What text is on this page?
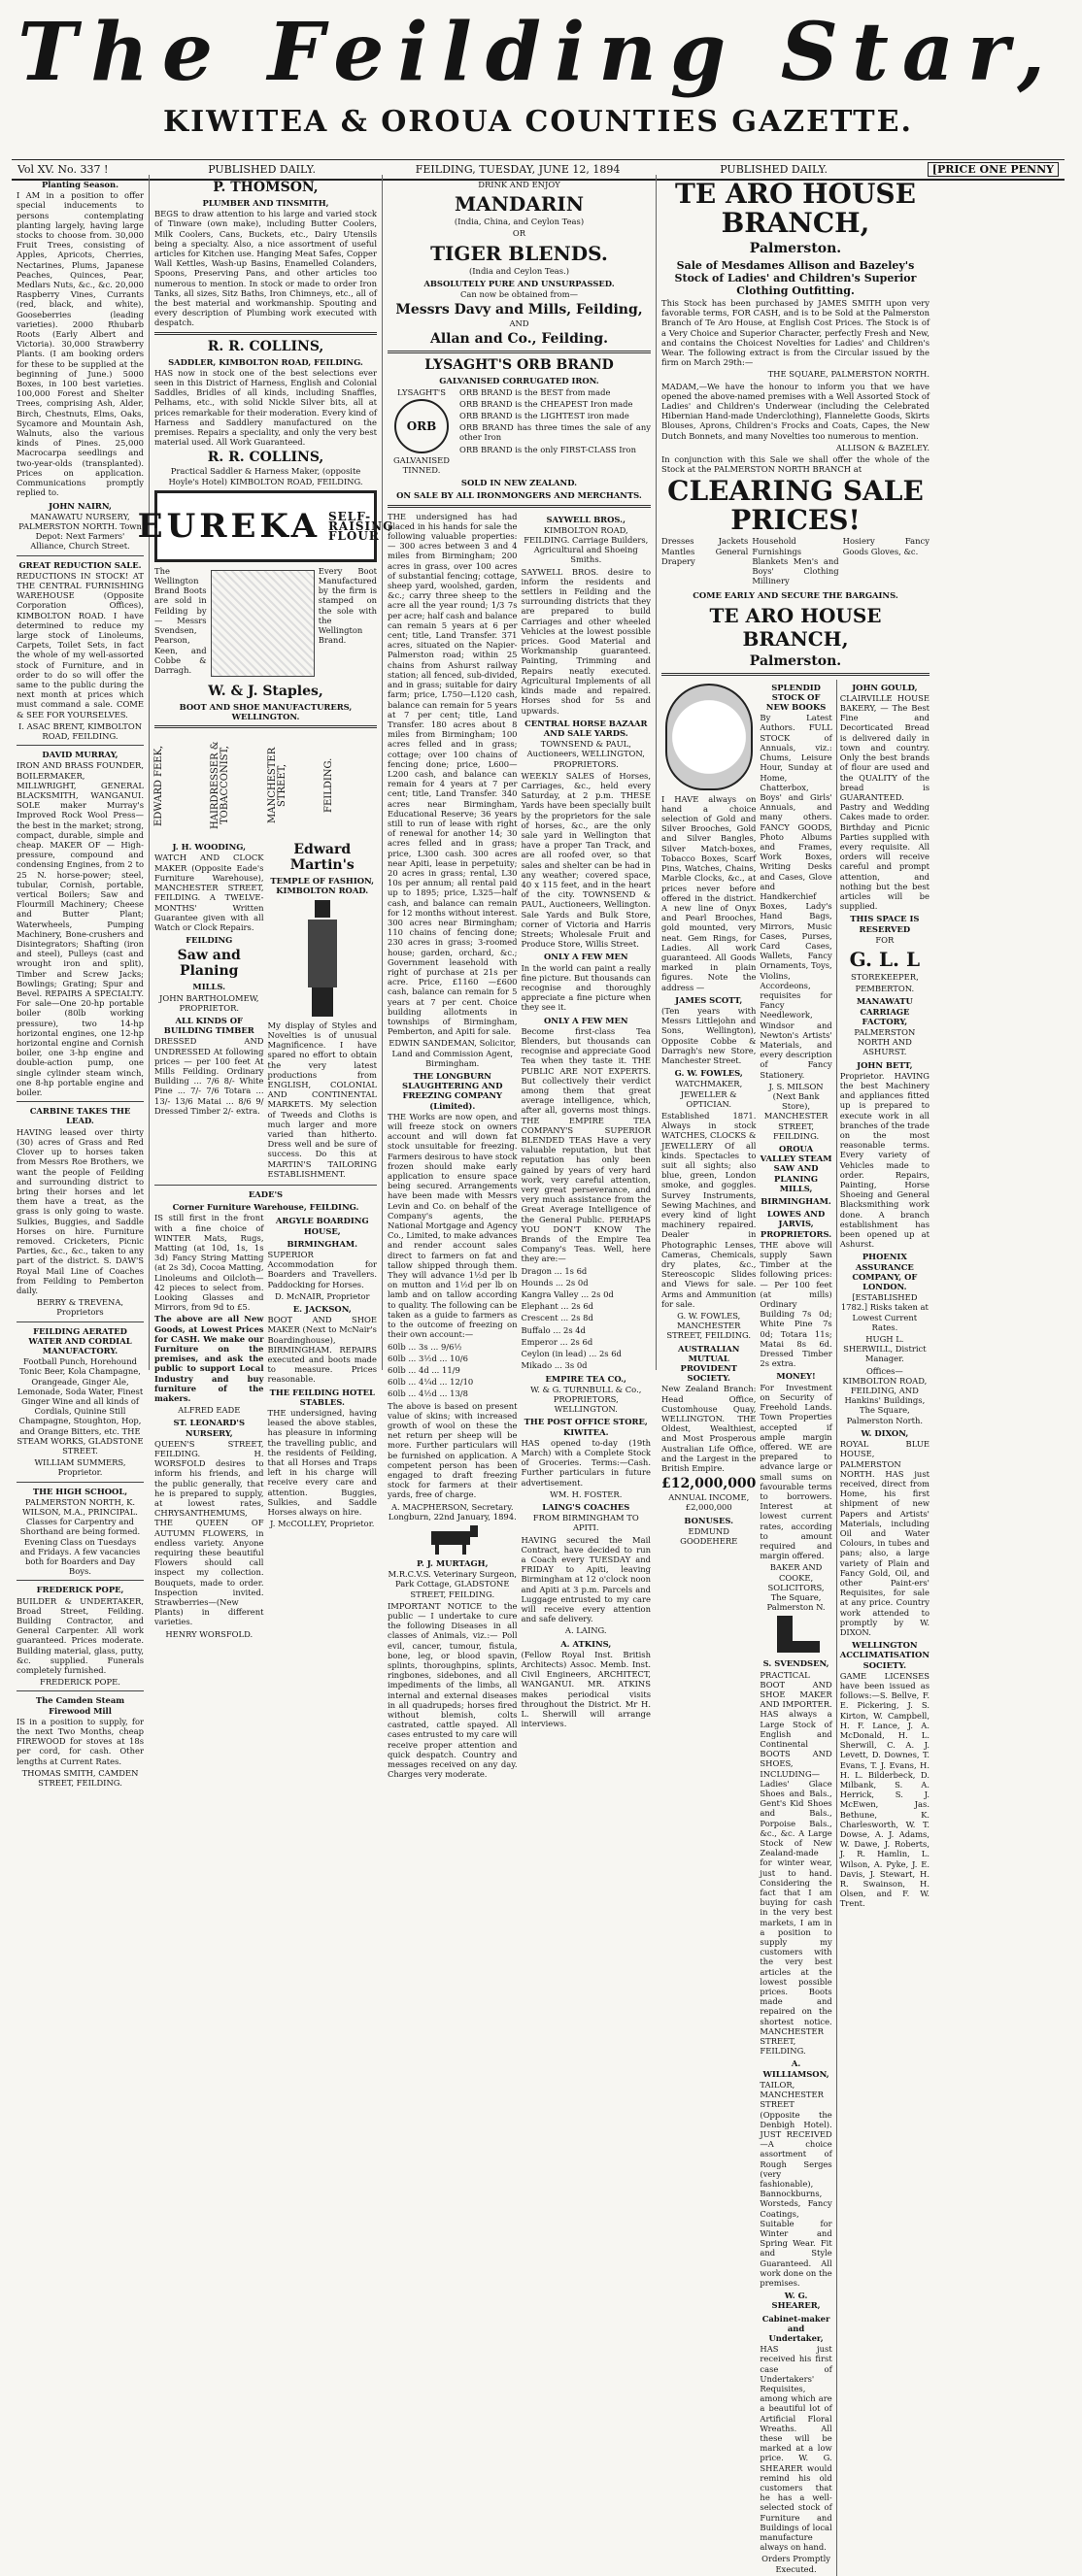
The Feilding Star,
KIWITEA & OROUA COUNTIES GAZETTE.
Vol XV. No. 337 !	PUBLISHED DAILY.	FEILDING, TUESDAY, JUNE 12, 1894	PUBLISHED DAILY.	[PRICE ONE PENNY
Planting Season.

I AM in a position to offer special inducements to persons contemplating planting largely, having large stocks to choose from. 30,000 Fruit Trees, consisting of Apples, Apricots, Cherries, Nectarines, Plums, Japanese Peaches, Quinces, Pear, Medlars Nuts, &c., &c. 20,000 Raspberry Vines, Currants (red, black, and white), Gooseberries (leading varieties). 2000 Rhubarb Roots (Early Albert and Victoria). 30,000 Strawberry Plants. (I am booking orders for these to be supplied at the beginning of June.) 5000 Boxes, in 100 best varieties. 100,000 Forest and Shelter Trees, comprising Ash, Alder, Birch, Chestnuts, Elms, Oaks, Sycamore and Mountain Ash, Walnuts, also the various kinds of Pines. 25,000 Macrocarpa seedlings and two-year-olds (transplanted). Prices on application. Communications promptly replied to.

JOHN NAIRN,

MANAWATU NURSERY, PALMERSTON NORTH. Town Depot: Next Farmers' Alliance, Church Street.

GREAT REDUCTION SALE.

REDUCTIONS IN STOCK! AT THE CENTRAL FURNISHING WAREHOUSE (Opposite Corporation Offices), KIMBOLTON ROAD. I have determined to reduce my large stock of Linoleums, Carpets, Toilet Sets, in fact the whole of my well-assorted stock of Furniture, and in order to do so will offer the same to the public during the next month at prices which must command a sale. COME & SEE FOR YOURSELVES.

I. ASAC BRENT, KIMBOLTON ROAD, FEILDING.

DAVID MURRAY,

IRON AND BRASS FOUNDER, BOILERMAKER, MILLWRIGHT, GENERAL BLACKSMITH, WANGANUI. SOLE maker Murray's Improved Rock Wool Press—the best in the market; strong, compact, durable, simple and cheap. MAKER OF — High-pressure, compound and condensing Engines, from 2 to 25 N. horse-power; steel, tubular, Cornish, portable, vertical Boilers; Saw and Flourmill Machinery; Cheese and Butter Plant; Waterwheels, Pumping Machinery, Bone-crushers and Disintegrators; Shafting (iron and steel), Pulleys (cast and wrought iron and split), Timber and Screw Jacks; Bowlings; Grating; Spur and Bevel. REPAIRS A SPECIALTY. For sale—One 20-hp portable boiler (80lb working pressure), two 14-hp horizontal engines, one 12-hp horizontal engine and Cornish boiler, one 3-hp engine and double-action pump, one single cylinder steam winch, one 8-hp portable engine and boiler.

CARBINE TAKES THE LEAD.

HAVING leased over thirty (30) acres of Grass and Red Clover up to horses taken from Messrs Roe Brothers, we want the people of Feilding and surrounding district to bring their horses and let them have a treat, as the grass is only going to waste. Sulkies, Buggies, and Saddle Horses on hire. Furniture removed. Cricketers, Picnic Parties, &c., &c., taken to any part of the district. S. DAW'S Royal Mail Line of Coaches from Feilding to Pemberton daily.

BERRY & TREVENA, Proprietors

FEILDING AERATED WATER AND CORDIAL MANUFACTORY.

Football Punch, Horehound Tonic Beer, Kola Champagne, Orangeade, Ginger Ale, Lemonade, Soda Water, Finest Ginger Wine and all kinds of Cordials, Quinine Still Champagne, Stoughton, Hop, and Orange Bitters, etc. THE STEAM WORKS, GLADSTONE STREET.

WILLIAM SUMMERS, Proprietor.

THE HIGH SCHOOL,

PALMERSTON NORTH, K. WILSON, M.A., PRINCIPAL. Classes for Carpentry and Shorthand are being formed. Evening Class on Tuesdays and Fridays. A few vacancies both for Boarders and Day Boys.

FREDERICK POPE,

BUILDER & UNDERTAKER, Broad Street, Feilding. Building Contractor, and General Carpenter. All work guaranteed. Prices moderate. Building material, glass, putty, &c. supplied. Funerals completely furnished.

FREDERICK POPE.

The Camden Steam Firewood Mill

IS in a position to supply, for the next Two Months, cheap FIREWOOD for stoves at 18s per cord, for cash. Other lengths at Current Rates.

THOMAS SMITH, CAMDEN STREET, FEILDING.

P. THOMSON,
PLUMBER AND TINSMITH,

BEGS to draw attention to his large and varied stock of Tinware (own make), including Butter Coolers, Milk Coolers, Cans, Buckets, etc., Dairy Utensils being a specialty. Also, a nice assortment of useful articles for Kitchen use. Hanging Meat Safes, Copper Wall Kettles, Wash-up Basins, Enamelled Colanders, Spoons, Preserving Pans, and other articles too numerous to mention. In stock or made to order Iron Tanks, all sizes, Sitz Baths, Iron Chimneys, etc., all of the best material and workmanship. Spouting and every description of Plumbing work executed with despatch.

R. R. COLLINS,
SADDLER, KIMBOLTON ROAD, FEILDING.

HAS now in stock one of the best selections ever seen in this District of Harness, English and Colonial Saddles, Bridles of all kinds, including Snaffles, Pelhams, etc., with solid Nickle Silver bits, all at prices remarkable for their moderation. Every kind of Harness and Saddlery manufactured on the premises. Repairs a speciality, and only the very best material used. All Work Guaranteed.

R. R. COLLINS,

Practical Saddler & Harness Maker, (opposite Hoyle's Hotel) KIMBOLTON ROAD, FEILDING.

EUREKA SELF-RAISING FLOUR

The Wellington Brand Boots are sold in Feilding by — Messrs Svendsen, Pearson, Keen, and Cobbe & Darragh.

Every Boot Manufactured by the firm is stamped on the sole with the Wellington Brand.

W. & J. Staples,
BOOT AND SHOE MANUFACTURERS, WELLINGTON.
EDWARD FEEK,	HAIRDRESSER & TOBACCONIST,	MANCHESTER STREET,	FEILDING.
J. H. WOODING,

WATCH AND CLOCK MAKER (Opposite Eade's Furniture Warehouse), MANCHESTER STREET, FEILDING. A TWELVE-MONTHS' Written Guarantee given with all Watch or Clock Repairs.

FEILDING
Saw and Planing
MILLS.

JOHN BARTHOLOMEW, PROPRIETOR.

ALL KINDS OF BUILDING TIMBER

DRESSED AND UNDRESSED At following prices — per 100 feet At Mills Feilding. Ordinary Building ... 7/6 8/- White Pine ... 7/- 7/6 Totara ... 13/- 13/6 Matai ... 8/6 9/ Dressed Timber 2/- extra.

Edward Martin's
TEMPLE OF FASHION, KIMBOLTON ROAD.

My display of Styles and Novelties is of unusual Magnificence. I have spared no effort to obtain the very latest productions from ENGLISH, COLONIAL AND CONTINENTAL MARKETS. My selection of Tweeds and Cloths is much larger and more varied than hitherto. Dress well and be sure of success. Do this at MARTIN'S TAILORING ESTABLISHMENT.

EADE'S
Corner Furniture Warehouse, FEILDING.

IS still first in the front with a fine choice of WINTER Mats, Rugs, Matting (at 10d, 1s, 1s 3d) Fancy String Matting (at 2s 3d), Cocoa Matting, Linoleums and Oilcloth—42 pieces to select from. Looking Glasses and Mirrors, from 9d to £5.

The above are all New Goods, at Lowest Prices for CASH. We make our Furniture on the premises, and ask the public to support Local Industry and buy furniture of the makers.

ALFRED EADE

ST. LEONARD'S NURSERY,

QUEEN'S STREET, FEILDING. H. WORSFOLD desires to inform his friends, and the public generally, that he is prepared to supply, at lowest rates, CHRYSANTHEMUMS, THE QUEEN OF AUTUMN FLOWERS, in endless variety. Anyone requiring these beautiful Flowers should call inspect my collection. Bouquets, made to order. Inspection invited. Strawberries—(New Plants) in different varieties.

HENRY WORSFOLD.

ARGYLE BOARDING HOUSE,
BIRMINGHAM.

SUPERIOR Accommodation for Boarders and Travellers. Paddocking for Horses.

D. McNAIR, Proprietor

E. JACKSON,

BOOT AND SHOE MAKER (Next to McNair's Boardinghouse), BIRMINGHAM. REPAIRS executed and boots made to measure. Prices reasonable.

THE FEILDING HOTEL STABLES.

THE undersigned, having leased the above stables, has pleasure in informing the travelling public, and the residents of Feilding, that all Horses and Traps left in his charge will receive every care and attention. Buggies, Sulkies, and Saddle Horses always on hire.

J. McCOLLEY, Proprietor.

DRINK AND ENJOY
MANDARIN

(India, China, and Ceylon Teas)

OR
TIGER BLENDS.

(India and Ceylon Teas.)

ABSOLUTELY PURE AND UNSURPASSED.

Can now be obtained from—

Messrs Davy and Mills, Feilding,
AND
Allan and Co., Feilding.
LYSAGHT'S ORB BRAND
GALVANISED CORRUGATED IRON.
LYSAGHT'S
ORB
GALVANISED TINNED.

ORB BRAND is the BEST from made

ORB BRAND is the CHEAPEST Iron made

ORB BRAND is the LIGHTEST iron made

ORB BRAND has three times the sale of any other Iron

ORB BRAND is the only FIRST-CLASS Iron

SOLD IN NEW ZEALAND.
ON SALE BY ALL IRONMONGERS AND MERCHANTS.

THE undersigned has had placed in his hands for sale the following valuable properties:— 300 acres between 3 and 4 miles from Birmingham; 200 acres in grass, over 100 acres of substantial fencing; cottage, sheep yard, woolshed, garden, &c.; carry three sheep to the acre all the year round; 1/3 7s per acre; half cash and balance can remain 5 years at 6 per cent; title, Land Transfer. 371 acres, situated on the Napier-Palmerston road; within 25 chains from Ashurst railway station; all fenced, sub-divided, and in grass; suitable for dairy farm; price, L750—L120 cash, balance can remain for 5 years at 7 per cent; title, Land Transfer. 180 acres about 8 miles from Birmingham; 100 acres felled and in grass; cottage; over 100 chains of fencing done; price, L600—L200 cash, and balance can remain for 4 years at 7 per cent; title, Land Transfer. 340 acres near Birmingham, Educational Reserve; 36 years still to run of lease with right of renewal for another 14; 30 acres felled and in grass; price, L300 cash. 300 acres near Apiti, lease in perpetuity; 20 acres in grass; rental, L30 10s per annum; all rental paid up to 1895; price, L325—half cash, and balance can remain for 12 months without interest. 300 acres near Birmingham; 110 chains of fencing done; 230 acres in grass; 3-roomed house; garden, orchard, &c.; Government leasehold with right of purchase at 21s per acre. Price, £1160 —£600 cash, balance can remain for 5 years at 7 per cent. Choice building allotments in townships of Birmingham, Pemberton, and Apiti for sale.

EDWIN SANDEMAN, Solicitor, Land and Commission Agent, Birmingham.

THE LONGBURN SLAUGHTERING AND FREEZING COMPANY (Limited).

THE Works are now open, and will freeze stock on owners account and will down fat stock unsuitable for freezing. Farmers desirous to have stock frozen should make early application to ensure space being secured. Arrangements have been made with Messrs Levin and Co. on behalf of the Company's agents, the National Mortgage and Agency Co., Limited, to make advances and render account sales direct to farmers on fat and tallow shipped through them. They will advance 1½d per lb on mutton and 1½d per lb on lamb and on tallow according to quality. The following can be taken as a guide to farmers as to the outcome of freezing on their own account:—

60lb ... 3s ... 9/6½

60lb ... 3½d ... 10/6

60lb ... 4d ... 11/9

60lb ... 4¼d ... 12/10

60lb ... 4½d ... 13/8

The above is based on present value of skins; with increased growth of wool on these the net return per sheep will be more. Further particulars will be furnished on application. A competent person has been engaged to draft freezing stock for farmers at their yards, free of charge.

A. MACPHERSON, Secretary. Longburn, 22nd January, 1894.

P. J. MURTAGH,

M.R.C.V.S. Veterinary Surgeon, Park Cottage, GLADSTONE STREET, FEILDING.

IMPORTANT NOTICE to the public — I undertake to cure the following Diseases in all classes of Animals, viz.:— Poll evil, cancer, tumour, fistula, bone, leg, or blood spavin, splints, thoroughpins, splints, ringbones, sidebones, and all impediments of the limbs, all internal and external diseases in all quadrupeds; horses fired without blemish, colts castrated, cattle spayed. All cases entrusted to my care will receive proper attention and quick despatch. Country and messages received on any day. Charges very moderate.

SAYWELL BROS.,

KIMBOLTON ROAD, FEILDING. Carriage Builders, Agricultural and Shoeing Smiths.

SAYWELL BROS. desire to inform the residents and settlers in Feilding and the surrounding districts that they are prepared to build Carriages and other wheeled Vehicles at the lowest possible prices. Good Material and Workmanship guaranteed. Painting, Trimming and Repairs neatly executed. Agricultural Implements of all kinds made and repaired. Horses shod for 5s and upwards.

CENTRAL HORSE BAZAAR AND SALE YARDS.

TOWNSEND & PAUL, Auctioneers, WELLINGTON, PROPRIETORS.

WEEKLY SALES of Horses, Carriages, &c., held every Saturday, at 2 p.m. THESE Yards have been specially built by the proprietors for the sale of horses, &c., are the only sale yard in Wellington that have a proper Tan Track, and are all roofed over, so that sales and shelter can be had in any weather; covered space, 40 x 115 feet, and in the heart of the city. TOWNSEND & PAUL, Auctioneers, Wellington. Sale Yards and Bulk Store, corner of Victoria and Harris Streets; Wholesale Fruit and Produce Store, Willis Street.

ONLY A FEW MEN

In the world can paint a really fine picture. But thousands can recognise and thoroughly appreciate a fine picture when they see it.

ONLY A FEW MEN

Become first-class Tea Blenders, but thousands can recognise and appreciate Good Tea when they taste it. THE PUBLIC ARE NOT EXPERTS. But collectively their verdict among them that great average intelligence, which, after all, governs most things. THE EMPIRE TEA COMPANY'S SUPERIOR BLENDED TEAS Have a very valuable reputation, but that reputation has only been gained by years of very hard work, very careful attention, very great perseverance, and very much assistance from the Great Average Intelligence of the General Public. PERHAPS YOU DON'T KNOW The Brands of the Empire Tea Company's Teas. Well, here they are:—

Dragon ... 1s 6d

Hounds ... 2s 0d

Kangra Valley ... 2s 0d

Elephant ... 2s 6d

Crescent ... 2s 8d

Buffalo ... 2s 4d

Emperor ... 2s 6d

Ceylon (in lead) ... 2s 6d

Mikado ... 3s 0d

EMPIRE TEA CO.,

W. & G. TURNBULL & Co., PROPRIETORS, WELLINGTON.

THE POST OFFICE STORE, KIWITEA.

HAS opened to-day (19th March) with a Complete Stock of Groceries. Terms:—Cash. Further particulars in future advertisement.

WM. H. FOSTER.

LAING'S COACHES

FROM BIRMINGHAM TO APITI.

HAVING secured the Mail Contract, have decided to run a Coach every TUESDAY and FRIDAY to Apiti, leaving Birmingham at 12 o'clock noon and Apiti at 3 p.m. Parcels and Luggage entrusted to my care will receive every attention and safe delivery.

A. LAING.

A. ATKINS,

(Fellow Royal Inst. British Architects) Assoc. Memb. Inst. Civil Engineers, ARCHITECT, WANGANUI. MR. ATKINS makes periodical visits throughout the District. Mr H. L. Sherwill will arrange interviews.

TE ARO HOUSE BRANCH,
Palmerston.
Sale of Mesdames Allison and Bazeley's Stock of Ladies' and Children's Superior Clothing Outfitting.

This Stock has been purchased by JAMES SMITH upon very favorable terms, FOR CASH, and is to be Sold at the Palmerston Branch of Te Aro House, at English Cost Prices. The Stock is of a Very Choice and Superior Character, perfectly Fresh and New, and contains the Choicest Novelties for Ladies' and Children's Wear. The following extract is from the Circular issued by the firm on March 29th:—

THE SQUARE, PALMERSTON NORTH.

MADAM,—We have the honour to inform you that we have opened the above-named premises with a Well Assorted Stock of Ladies' and Children's Underwear (including the Celebrated Hibernian Hand-made Underclothing), Flannelette Goods, Skirts Blouses, Aprons, Children's Frocks and Coats, Capes, the New Dutch Bonnets, and many Novelties too numerous to mention.

ALLISON & BAZELEY.

In conjunction with this Sale we shall offer the whole of the Stock at the PALMERSTON NORTH BRANCH at

CLEARING SALE PRICES!

Dresses Jackets Mantles General Drapery

Household Furnishings Blankets Men's and Boys' Clothing Millinery

Hosiery Fancy Goods Gloves, &c.

COME EARLY AND SECURE THE BARGAINS.
TE ARO HOUSE BRANCH,
Palmerston.

I HAVE always on hand a choice selection of Gold and Silver Brooches, Gold and Silver Bangles, Silver Match-boxes, Tobacco Boxes, Scarf Pins, Watches, Chains, Marble Clocks, &c., at prices never before offered in the district. A new line of Onyx and Pearl Brooches, gold mounted, very neat. Gem Rings, for Ladies. All work guaranteed. All Goods marked in plain figures. Note the address —

JAMES SCOTT,

(Ten years with Messrs Littlejohn and Sons, Wellington), Opposite Cobbe & Darragh's new Store, Manchester Street.

G. W. FOWLES,

WATCHMAKER, JEWELLER & OPTICIAN.

Established 1871. Always in stock WATCHES, CLOCKS & JEWELLERY Of all kinds. Spectacles to suit all sights; also blue, green, London smoke, and goggles. Survey Instruments, Sewing Machines, and every kind of light machinery repaired. Dealer in Photographic Lenses, Cameras, Chemicals, dry plates, &c., Stereoscopic Slides and Views for sale. Arms and Ammunition for sale.

G. W. FOWLES, MANCHESTER STREET, FEILDING.

AUSTRALIAN MUTUAL PROVIDENT SOCIETY.

New Zealand Branch: Head Office, Customhouse Quay, WELLINGTON. THE Oldest, Wealthiest, and Most Prosperous Australian Life Office, and the Largest in the British Empire.

£12,000,000

ANNUAL INCOME, £2,000,000

BONUSES.

EDMUND GOODEHERE

SPLENDID STOCK OF NEW BOOKS

By Latest Authors. FULL STOCK of Annuals, viz.: Chums, Leisure Hour, Sunday at Home, Chatterbox, Boys' and Girls' Annuals, and many others. FANCY GOODS, Photo Albums and Frames, Work Boxes, Writing Desks and Cases, Glove and Handkerchief Boxes, Lady's Hand Bags, Mirrors, Music Cases, Purses, Card Cases, Wallets, Fancy Ornaments, Toys, Violins, Accordeons, requisites for Fancy Needlework, Windsor and Newton's Artists' Materials, and every description of Fancy Stationery.

J. S. MILSON (Next Bank Store), MANCHESTER STREET, FEILDING.

OROUA VALLEY STEAM SAW AND PLANING MILLS,
BIRMINGHAM.
LOWES AND JARVIS, PROPRIETORS.

THE above will supply Sawn Timber at the following prices:— Per 100 feet (at mills) Ordinary Building 7s 0d; White Pine 7s 0d; Totara 11s; Matai 8s 6d. Dressed Timber 2s extra.

MONEY!

For Investment on Security of Freehold Lands. Town Properties accepted if ample margin offered. WE are prepared to advance large or small sums on favourable terms to borrowers. Interest at lowest current rates, according to amount required and margin offered.

BAKER AND COOKE, SOLICITORS, The Square, Palmerston N.

S. SVENDSEN,

PRACTICAL BOOT AND SHOE MAKER AND IMPORTER. HAS always a Large Stock of English and Continental BOOTS AND SHOES, INCLUDING— Ladies' Glace Shoes and Bals., Gent's Kid Shoes and Bals., Porpoise Bals., &c., &c. A Large Stock of New Zealand-made for winter wear, just to hand. Considering the fact that I am buying for cash in the very best markets, I am in a position to supply my customers with the very best articles at the lowest possible prices. Boots made and repaired on the shortest notice. MANCHESTER STREET, FEILDING.

A. WILLIAMSON,

TAILOR, MANCHESTER STREET (Opposite the Denbigh Hotel). JUST RECEIVED—A choice assortment of Rough Serges (very fashionable), Bannockburns, Worsteds, Fancy Coatings, Suitable for Winter and Spring Wear. Fit and Style Guaranteed. All work done on the premises.

W. G. SHEARER,
Cabinet-maker and Undertaker,

HAS just received his first case of Undertakers' Requisites, among which are a beautiful lot of Artificial Floral Wreaths. All these will be marked at a low price. W. G. SHEARER would remind his old customers that he has a well-selected stock of Furniture and Buildings of local manufacture always on hand.

Orders Promptly Executed.

JOHN GOULD,

CLAIRVILLE HOUSE BAKERY, — The Best Fine and Decorticated Bread is delivered daily in town and country. Only the best brands of flour are used and the QUALITY of the bread is GUARANTEED. Pastry and Wedding Cakes made to order. Birthday and Picnic Parties supplied with every requisite. All orders will receive careful and prompt attention, and nothing but the best articles will be supplied.

THIS SPACE IS RESERVED

FOR

G. L. L

STOREKEEPER,

PEMBERTON.

MANAWATU CARRIAGE FACTORY,

PALMERSTON NORTH AND ASHURST.

JOHN BETT,

Proprietor. HAVING the best Machinery and appliances fitted up is prepared to execute work in all branches of the trade on the most reasonable terms. Every variety of Vehicles made to order. Repairs, Painting, Horse Shoeing and General Blacksmithing work done. A branch establishment has been opened up at Ashurst.

PHOENIX ASSURANCE COMPANY, OF LONDON.

[ESTABLISHED 1782.] Risks taken at Lowest Current Rates.

HUGH L. SHERWILL, District Manager.

Offices— KIMBOLTON ROAD, FEILDING, AND Hankins' Buildings, The Square, Palmerston North.

W. DIXON,

ROYAL BLUE HOUSE, PALMERSTON NORTH. HAS just received, direct from Home, his first shipment of new Papers and Artists' Materials, including Oil and Water Colours, in tubes and pans; also, a large variety of Plain and Fancy Gold, Oil, and other Paint-ers' Requisites, for sale at any price. Country work attended to promptly by W. DIXON.

WELLINGTON ACCLIMATISATION SOCIETY.

GAME LICENSES have been issued as follows:—S. Bellve, F. E. Pickering, J. S. Kirton, W. Campbell, H. F. Lance, J. A. McDonald, H. L. Sherwill, C. A. J. Levett, D. Downes, T. Evans, T. J. Evans, H. H. L. Bilderbeck, D. Milbank, S. A. Herrick, S. J. McEwen, Jas. Bethune, K. Charlesworth, W. T. Dowse, A. J. Adams, W. Dawe, J. Roberts, J. R. Hamlin, L. Wilson, A. Pyke, J. E. Davis, J. Stewart, H. R. Swainson, H. Olsen, and F. W. Trent.
